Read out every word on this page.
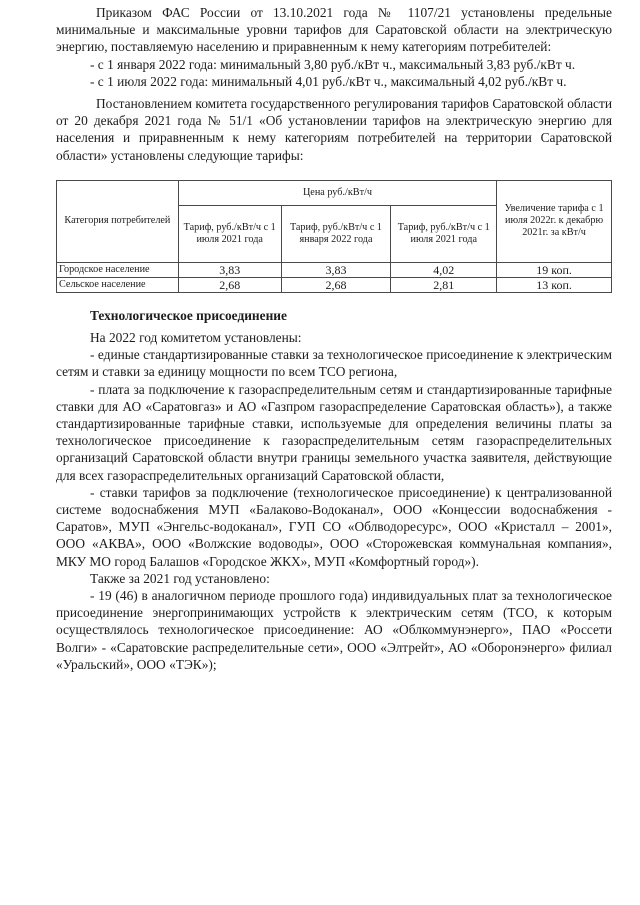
Приказом ФАС России от 13.10.2021 года № 1107/21 установлены предельные минимальные и максимальные уровни тарифов для Саратовской области на электрическую энергию, поставляемую населению и приравненным к нему категориям потребителей:

- с 1 января 2022 года: минимальный 3,80 руб./кВт ч., максимальный 3,83 руб./кВт ч.

- с 1 июля 2022 года: минимальный 4,01 руб./кВт ч., максимальный 4,02 руб./кВт ч.

Постановлением комитета государственного регулирования тарифов Саратовской области от 20 декабря 2021 года № 51/1 «Об установлении тарифов на электрическую энергию для населения и приравненным к нему категориям потребителей на территории Саратовской области» установлены следующие тарифы:

Категория потребителей	Цена руб./кВт/ч			Увеличение тарифа с 1 июля 2022г. к декабрю 2021г. за кВт/ч
	Тариф, руб./кВт/ч с 1 июля 2021 года	Тариф, руб./кВт/ч с 1 января 2022 года	Тариф, руб./кВт/ч с 1 июля 2021 года	
Городское население	3,83	3,83	4,02	19 коп.
Сельское население	2,68	2,68	2,81	13 коп.

Технологическое присоединение

На 2022 год комитетом установлены:

- единые стандартизированные ставки за технологическое присоединение к электрическим сетям и ставки за единицу мощности по всем ТСО региона,

- плата за подключение к газораспределительным сетям и стандартизированные тарифные ставки для АО «Саратовгаз» и АО «Газпром газораспределение Саратовская область»), а также стандартизированные тарифные ставки, используемые для определения величины платы за технологическое присоединение к газораспределительным сетям газораспределительных организаций Саратовской области внутри границы земельного участка заявителя, действующие для всех газораспределительных организаций Саратовской области,

- ставки тарифов за подключение (технологическое присоединение) к централизованной системе водоснабжения МУП «Балаково-Водоканал», ООО «Концессии водоснабжения - Саратов», МУП «Энгельс-водоканал», ГУП СО «Облводоресурс», ООО «Кристалл – 2001», ООО «АКВА», ООО «Волжские водоводы», ООО «Сторожевская коммунальная компания», МКУ МО город Балашов «Городское ЖКХ», МУП «Комфортный город»).

Также за 2021 год установлено:

- 19 (46) в аналогичном периоде прошлого года) индивидуальных плат за технологическое присоединение энергопринимающих устройств к электрическим сетям (ТСО, к которым осуществлялось технологическое присоединение: АО «Облкоммунэнерго», ПАО «Россети Волги» - «Саратовские распределительные сети», ООО «Элтрейт», АО «Оборонэнерго» филиал «Уральский», ООО «ТЭК»);
